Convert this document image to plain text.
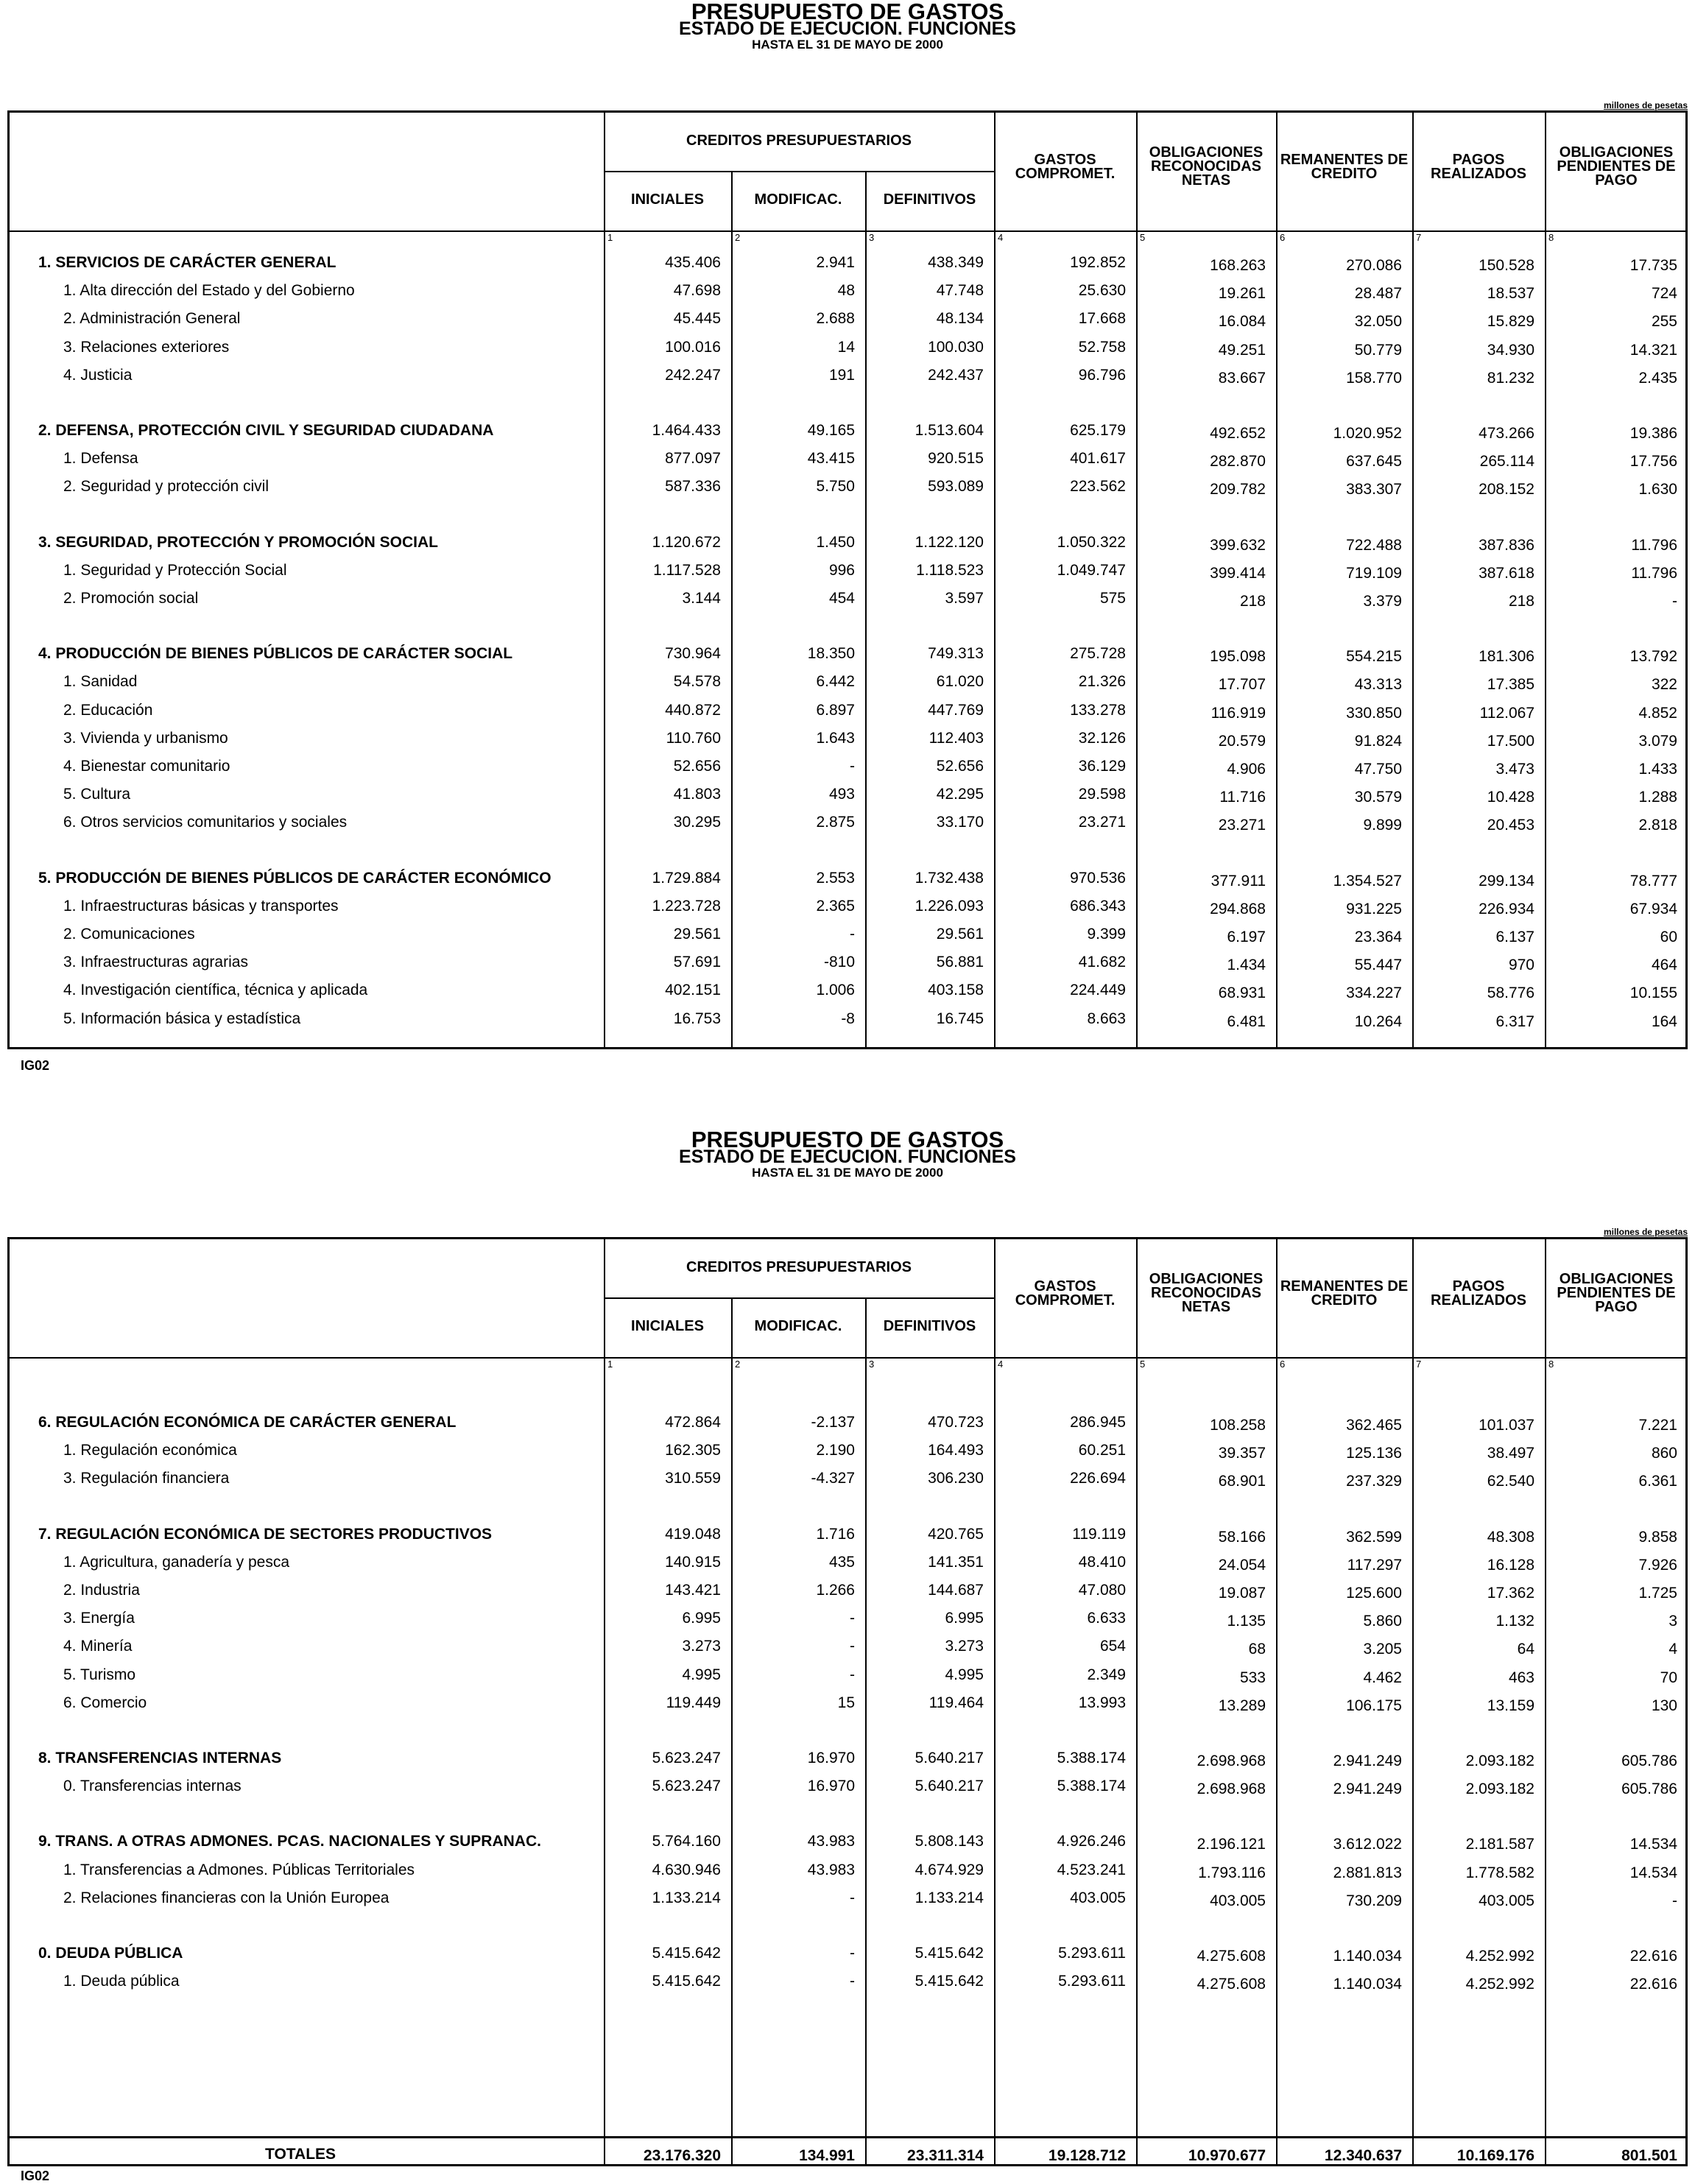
PRESUPUESTO DE GASTOS
ESTADO DE EJECUCION. FUNCIONES
HASTA EL 31 DE MAYO DE 2000
millones de pesetas
CREDITOS PRESUPUESTARIOS
INICIALES	MODIFICAC.	DEFINITIVOS
GASTOS COMPROMET.
OBLIGACIONES RECONOCIDAS NETAS
REMANENTES DE CREDITO
PAGOS REALIZADOS
OBLIGACIONES PENDIENTES DE PAGO
1	2	3	4	5	6	7	8
1. SERVICIOS DE CARÁCTER GENERAL	435.406	2.941	438.349	192.852	168.263	270.086	150.528	17.735
1. Alta dirección del Estado y del Gobierno	47.698	48	47.748	25.630	19.261	28.487	18.537	724
2. Administración General	45.445	2.688	48.134	17.668	16.084	32.050	15.829	255
3. Relaciones exteriores	100.016	14	100.030	52.758	49.251	50.779	34.930	14.321
4. Justicia	242.247	191	242.437	96.796	83.667	158.770	81.232	2.435
2. DEFENSA, PROTECCIÓN CIVIL Y SEGURIDAD CIUDADANA	1.464.433	49.165	1.513.604	625.179	492.652	1.020.952	473.266	19.386
1. Defensa	877.097	43.415	920.515	401.617	282.870	637.645	265.114	17.756
2. Seguridad y protección civil	587.336	5.750	593.089	223.562	209.782	383.307	208.152	1.630
3. SEGURIDAD, PROTECCIÓN Y PROMOCIÓN SOCIAL	1.120.672	1.450	1.122.120	1.050.322	399.632	722.488	387.836	11.796
1. Seguridad y Protección Social	1.117.528	996	1.118.523	1.049.747	399.414	719.109	387.618	11.796
2. Promoción social	3.144	454	3.597	575	218	3.379	218	-
4. PRODUCCIÓN DE BIENES PÚBLICOS DE CARÁCTER SOCIAL	730.964	18.350	749.313	275.728	195.098	554.215	181.306	13.792
1. Sanidad	54.578	6.442	61.020	21.326	17.707	43.313	17.385	322
2. Educación	440.872	6.897	447.769	133.278	116.919	330.850	112.067	4.852
3. Vivienda y urbanismo	110.760	1.643	112.403	32.126	20.579	91.824	17.500	3.079
4. Bienestar comunitario	52.656	-	52.656	36.129	4.906	47.750	3.473	1.433
5. Cultura	41.803	493	42.295	29.598	11.716	30.579	10.428	1.288
6. Otros servicios comunitarios y sociales	30.295	2.875	33.170	23.271	23.271	9.899	20.453	2.818
5. PRODUCCIÓN DE BIENES PÚBLICOS DE CARÁCTER ECONÓMICO	1.729.884	2.553	1.732.438	970.536	377.911	1.354.527	299.134	78.777
1. Infraestructuras básicas y transportes	1.223.728	2.365	1.226.093	686.343	294.868	931.225	226.934	67.934
2. Comunicaciones	29.561	-	29.561	9.399	6.197	23.364	6.137	60
3. Infraestructuras agrarias	57.691	-810	56.881	41.682	1.434	55.447	970	464
4. Investigación científica, técnica y aplicada	402.151	1.006	403.158	224.449	68.931	334.227	58.776	10.155
5. Información básica y estadística	16.753	-8	16.745	8.663	6.481	10.264	6.317	164
IG02
PRESUPUESTO DE GASTOS
ESTADO DE EJECUCION. FUNCIONES
HASTA EL 31 DE MAYO DE 2000
millones de pesetas
CREDITOS PRESUPUESTARIOS
INICIALES	MODIFICAC.	DEFINITIVOS
GASTOS COMPROMET.
OBLIGACIONES RECONOCIDAS NETAS
REMANENTES DE CREDITO
PAGOS REALIZADOS
OBLIGACIONES PENDIENTES DE PAGO
1	2	3	4	5	6	7	8
6. REGULACIÓN ECONÓMICA DE CARÁCTER GENERAL	472.864	-2.137	470.723	286.945	108.258	362.465	101.037	7.221
1. Regulación económica	162.305	2.190	164.493	60.251	39.357	125.136	38.497	860
3. Regulación financiera	310.559	-4.327	306.230	226.694	68.901	237.329	62.540	6.361
7. REGULACIÓN ECONÓMICA DE SECTORES PRODUCTIVOS	419.048	1.716	420.765	119.119	58.166	362.599	48.308	9.858
1. Agricultura, ganadería y pesca	140.915	435	141.351	48.410	24.054	117.297	16.128	7.926
2. Industria	143.421	1.266	144.687	47.080	19.087	125.600	17.362	1.725
3. Energía	6.995	-	6.995	6.633	1.135	5.860	1.132	3
4. Minería	3.273	-	3.273	654	68	3.205	64	4
5. Turismo	4.995	-	4.995	2.349	533	4.462	463	70
6. Comercio	119.449	15	119.464	13.993	13.289	106.175	13.159	130
8. TRANSFERENCIAS INTERNAS	5.623.247	16.970	5.640.217	5.388.174	2.698.968	2.941.249	2.093.182	605.786
0. Transferencias internas	5.623.247	16.970	5.640.217	5.388.174	2.698.968	2.941.249	2.093.182	605.786
9. TRANS. A OTRAS ADMONES. PCAS. NACIONALES Y SUPRANAC.	5.764.160	43.983	5.808.143	4.926.246	2.196.121	3.612.022	2.181.587	14.534
1. Transferencias a Admones. Públicas Territoriales	4.630.946	43.983	4.674.929	4.523.241	1.793.116	2.881.813	1.778.582	14.534
2. Relaciones financieras con la Unión Europea	1.133.214	-	1.133.214	403.005	403.005	730.209	403.005	-
0. DEUDA PÚBLICA	5.415.642	-	5.415.642	5.293.611	4.275.608	1.140.034	4.252.992	22.616
1. Deuda pública	5.415.642	-	5.415.642	5.293.611	4.275.608	1.140.034	4.252.992	22.616
TOTALES	23.176.320	134.991	23.311.314	19.128.712	10.970.677	12.340.637	10.169.176	801.501
IG02
